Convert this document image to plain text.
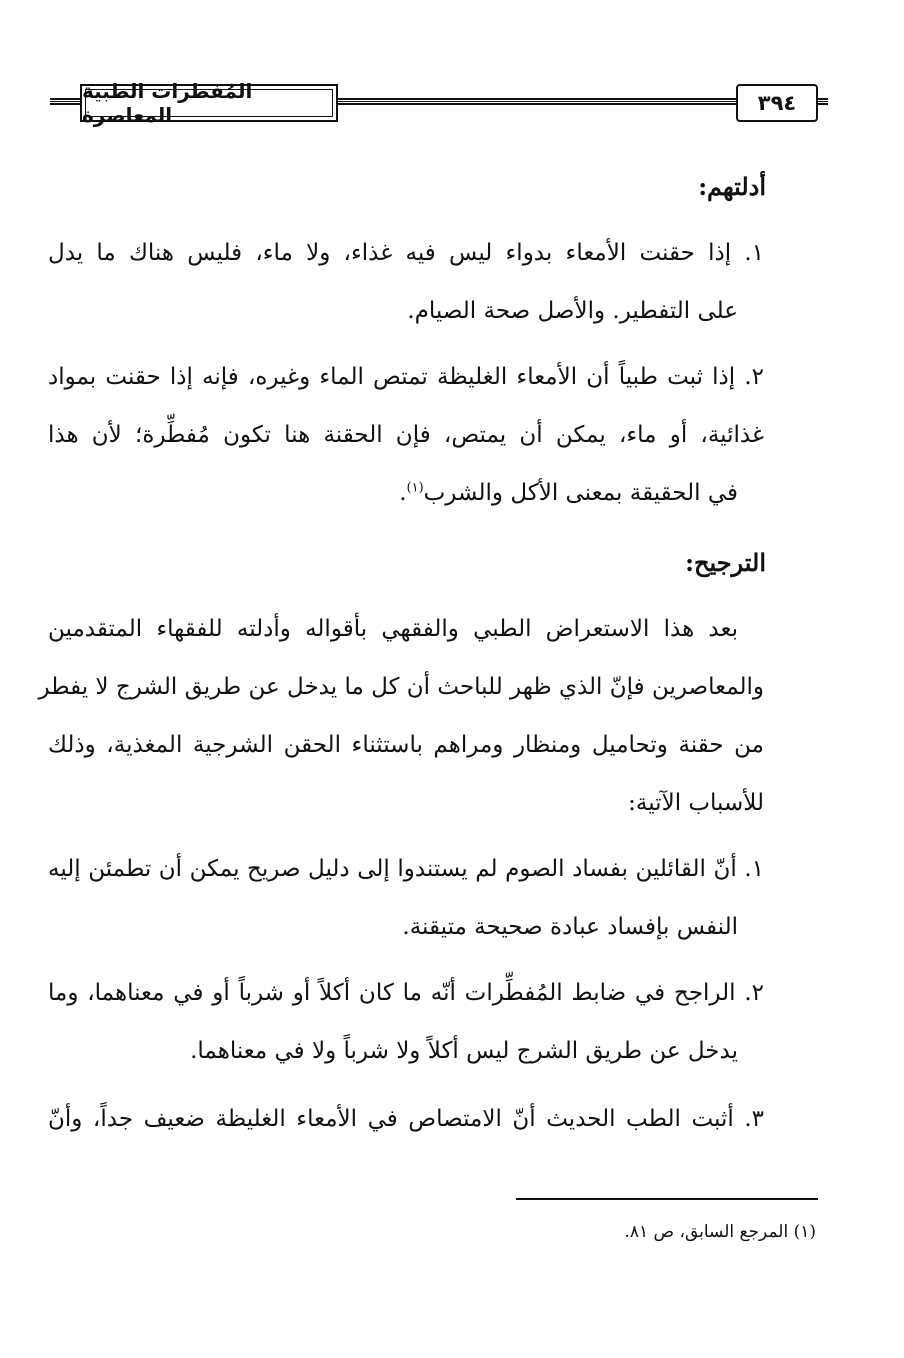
المُفطرات الطبية المعاصرة	٣٩٤
أدلتهم:
١. إذا حقنت الأمعاء بدواء ليس فيه غذاء، ولا ماء، فليس هناك ما يدل
على التفطير. والأصل صحة الصيام.
٢. إذا ثبت طبياً أن الأمعاء الغليظة تمتص الماء وغيره، فإنه إذا حقنت بمواد
غذائية، أو ماء، يمكن أن يمتص، فإن الحقنة هنا تكون مُفطِّرة؛ لأن هذا
في الحقيقة بمعنى الأكل والشرب$^{(١)}$.
الترجيح:
بعد هذا الاستعراض الطبي والفقهي بأقواله وأدلته للفقهاء المتقدمين
والمعاصرين فإنّ الذي ظهر للباحث أن كل ما يدخل عن طريق الشرج لا يفطر
من حقنة وتحاميل ومنظار ومراهم باستثناء الحقن الشرجية المغذية، وذلك
للأسباب الآتية:
١. أنّ القائلين بفساد الصوم لم يستندوا إلى دليل صريح يمكن أن تطمئن إليه
النفس بإفساد عبادة صحيحة متيقنة.
٢. الراجح في ضابط المُفطِّرات أنّه ما كان أكلاً أو شرباً أو في معناهما، وما
يدخل عن طريق الشرج ليس أكلاً ولا شرباً ولا في معناهما.
٣. أثبت الطب الحديث أنّ الامتصاص في الأمعاء الغليظة ضعيف جداً، وأنّ
(١) المرجع السابق، ص ٨١.
